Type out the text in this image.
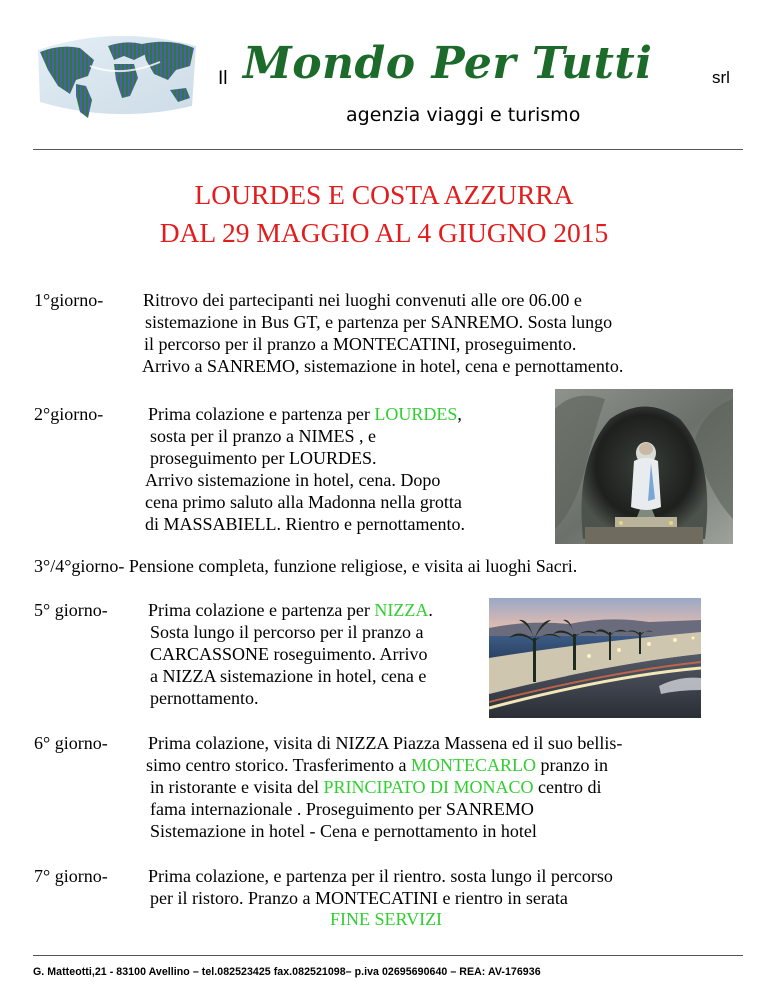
Il Mondo Per Tutti	srl
agenzia viaggi e turismo
LOURDES E COSTA AZZURRA
DAL 29 MAGGIO AL 4 GIUGNO 2015
1°giorno- Ritrovo dei partecipanti nei luoghi convenuti alle ore 06.00 e
sistemazione in Bus GT, e partenza per SANREMO. Sosta lungo
il percorso per il pranzo a MONTECATINI, proseguimento.
Arrivo a SANREMO, sistemazione in hotel, cena e pernottamento.
2°giorno- Prima colazione e partenza per LOURDES,
sosta per il pranzo a NIMES , e
proseguimento per LOURDES.
Arrivo sistemazione in hotel, cena. Dopo
cena primo saluto alla Madonna nella grotta
di MASSABIELL. Rientro e pernottamento.
3°/4°giorno- Pensione completa, funzione religiose, e visita ai luoghi Sacri.
5° giorno- Prima colazione e partenza per NIZZA.
Sosta lungo il percorso per il pranzo a
CARCASSONE roseguimento. Arrivo
a NIZZA sistemazione in hotel, cena e
pernottamento.
6° giorno- Prima colazione, visita di NIZZA Piazza Massena ed il suo bellis-
simo centro storico. Trasferimento a MONTECARLO pranzo in
in ristorante e visita del PRINCIPATO DI MONACO centro di
fama internazionale . Proseguimento per SANREMO
Sistemazione in hotel - Cena e pernottamento in hotel
7° giorno- Prima colazione, e partenza per il rientro. sosta lungo il percorso
per il ristoro. Pranzo a MONTECATINI e rientro in serata
FINE SERVIZI
G. Matteotti,21 - 83100 Avellino – tel.082523425 fax.082521098– p.iva 02695690640 – REA: AV-176936
